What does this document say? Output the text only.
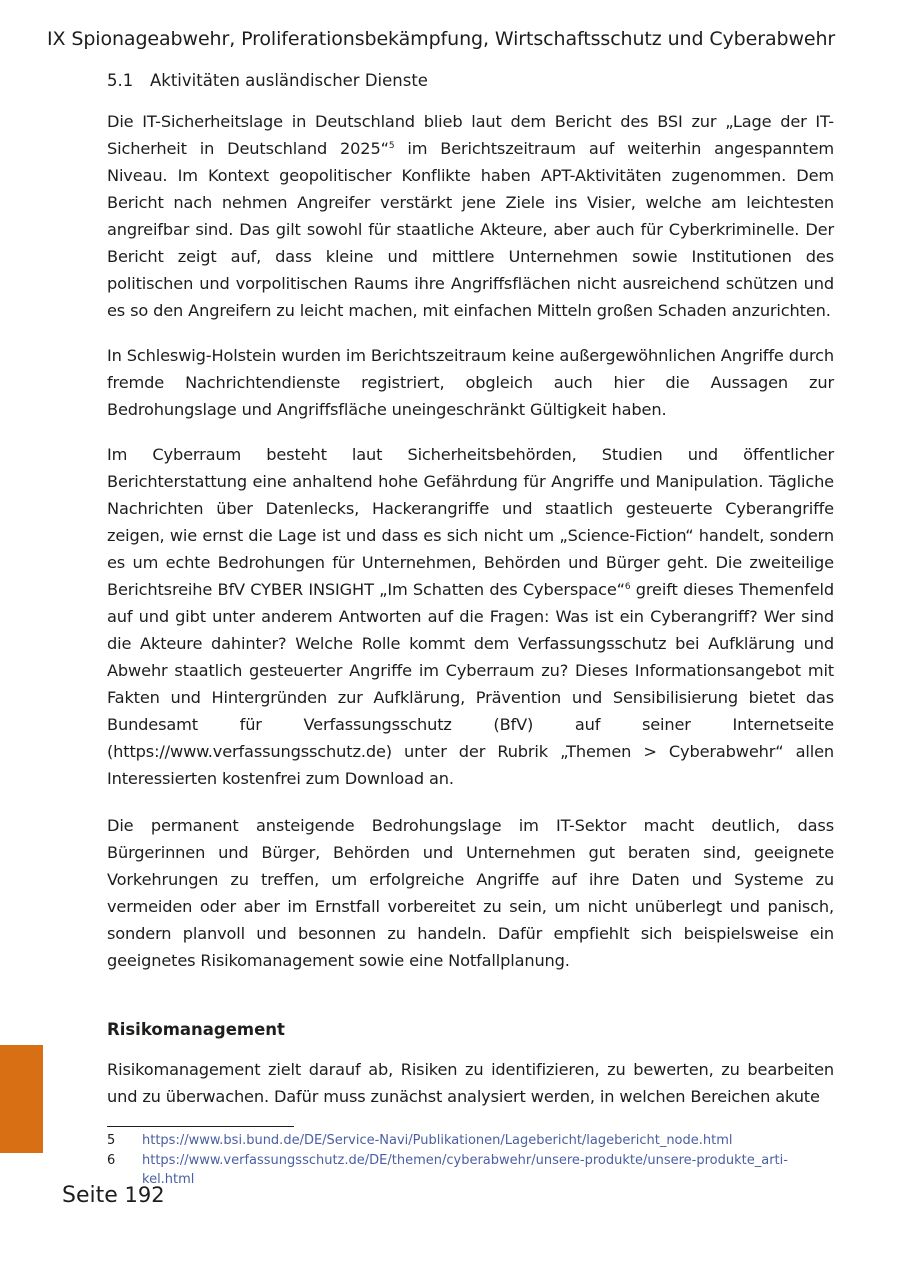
IX Spionageabwehr, Proliferationsbekämpfung, Wirtschaftsschutz und Cyberabwehr
5.1 Aktivitäten ausländischer Dienste
Die IT-Sicherheitslage in Deutschland blieb laut dem Bericht des BSI zur „Lage der IT-Sicherheit in Deutschland 2025“$^5$ im Berichtszeitraum auf weiterhin angespanntem Niveau. Im Kontext geopolitischer Konflikte haben APT-Aktivitäten zugenommen. Dem Bericht nach nehmen Angreifer verstärkt jene Ziele ins Visier, welche am leichtesten angreifbar sind. Das gilt sowohl für staatliche Akteure, aber auch für Cyberkriminelle. Der Bericht zeigt auf, dass kleine und mittlere Unternehmen sowie Institutionen des politischen und vorpolitischen Raums ihre Angriffsflächen nicht ausreichend schützen und es so den Angreifern zu leicht machen, mit einfachen Mitteln großen Schaden anzurichten.
In Schleswig-Holstein wurden im Berichtszeitraum keine außergewöhnlichen Angriffe durch fremde Nachrichtendienste registriert, obgleich auch hier die Aussagen zur Bedrohungslage und Angriffsfläche uneingeschränkt Gültigkeit haben.
Im Cyberraum besteht laut Sicherheitsbehörden, Studien und öffentlicher Berichterstattung eine anhaltend hohe Gefährdung für Angriffe und Manipulation. Tägliche Nachrichten über Datenlecks, Hackerangriffe und staatlich gesteuerte Cyberangriffe zeigen, wie ernst die Lage ist und dass es sich nicht um „Science-Fiction“ handelt, sondern es um echte Bedrohungen für Unternehmen, Behörden und Bürger geht. Die zweiteilige Berichtsreihe BfV CYBER INSIGHT „Im Schatten des Cyberspace“$^6$ greift dieses Themenfeld auf und gibt unter anderem Antworten auf die Fragen: Was ist ein Cyberangriff? Wer sind die Akteure dahinter? Welche Rolle kommt dem Verfassungsschutz bei Aufklärung und Abwehr staatlich gesteuerter Angriffe im Cyberraum zu? Dieses Informationsangebot mit Fakten und Hintergründen zur Aufklärung, Prävention und Sensibilisierung bietet das Bundesamt für Verfassungsschutz (BfV) auf seiner Internetseite (https://www.verfassungsschutz.de) unter der Rubrik „Themen > Cyberabwehr“ allen Interessierten kostenfrei zum Download an.
Die permanent ansteigende Bedrohungslage im IT-Sektor macht deutlich, dass Bürgerinnen und Bürger, Behörden und Unternehmen gut beraten sind, geeignete Vorkehrungen zu treffen, um erfolgreiche Angriffe auf ihre Daten und Systeme zu vermeiden oder aber im Ernstfall vorbereitet zu sein, um nicht unüberlegt und panisch, sondern planvoll und besonnen zu handeln. Dafür empfiehlt sich beispielsweise ein geeignetes Risikomanagement sowie eine Notfallplanung.
Risikomanagement
Risikomanagement zielt darauf ab, Risiken zu identifizieren, zu bewerten, zu bearbeiten und zu überwachen. Dafür muss zunächst analysiert werden, in welchen Bereichen akute
5 https://www.bsi.bund.de/DE/Service-Navi/Publikationen/Lagebericht/lagebericht_node.html
6 https://www.verfassungsschutz.de/DE/themen/cyberabwehr/unsere-produkte/unsere-produkte_arti-
kel.html
Seite 192
